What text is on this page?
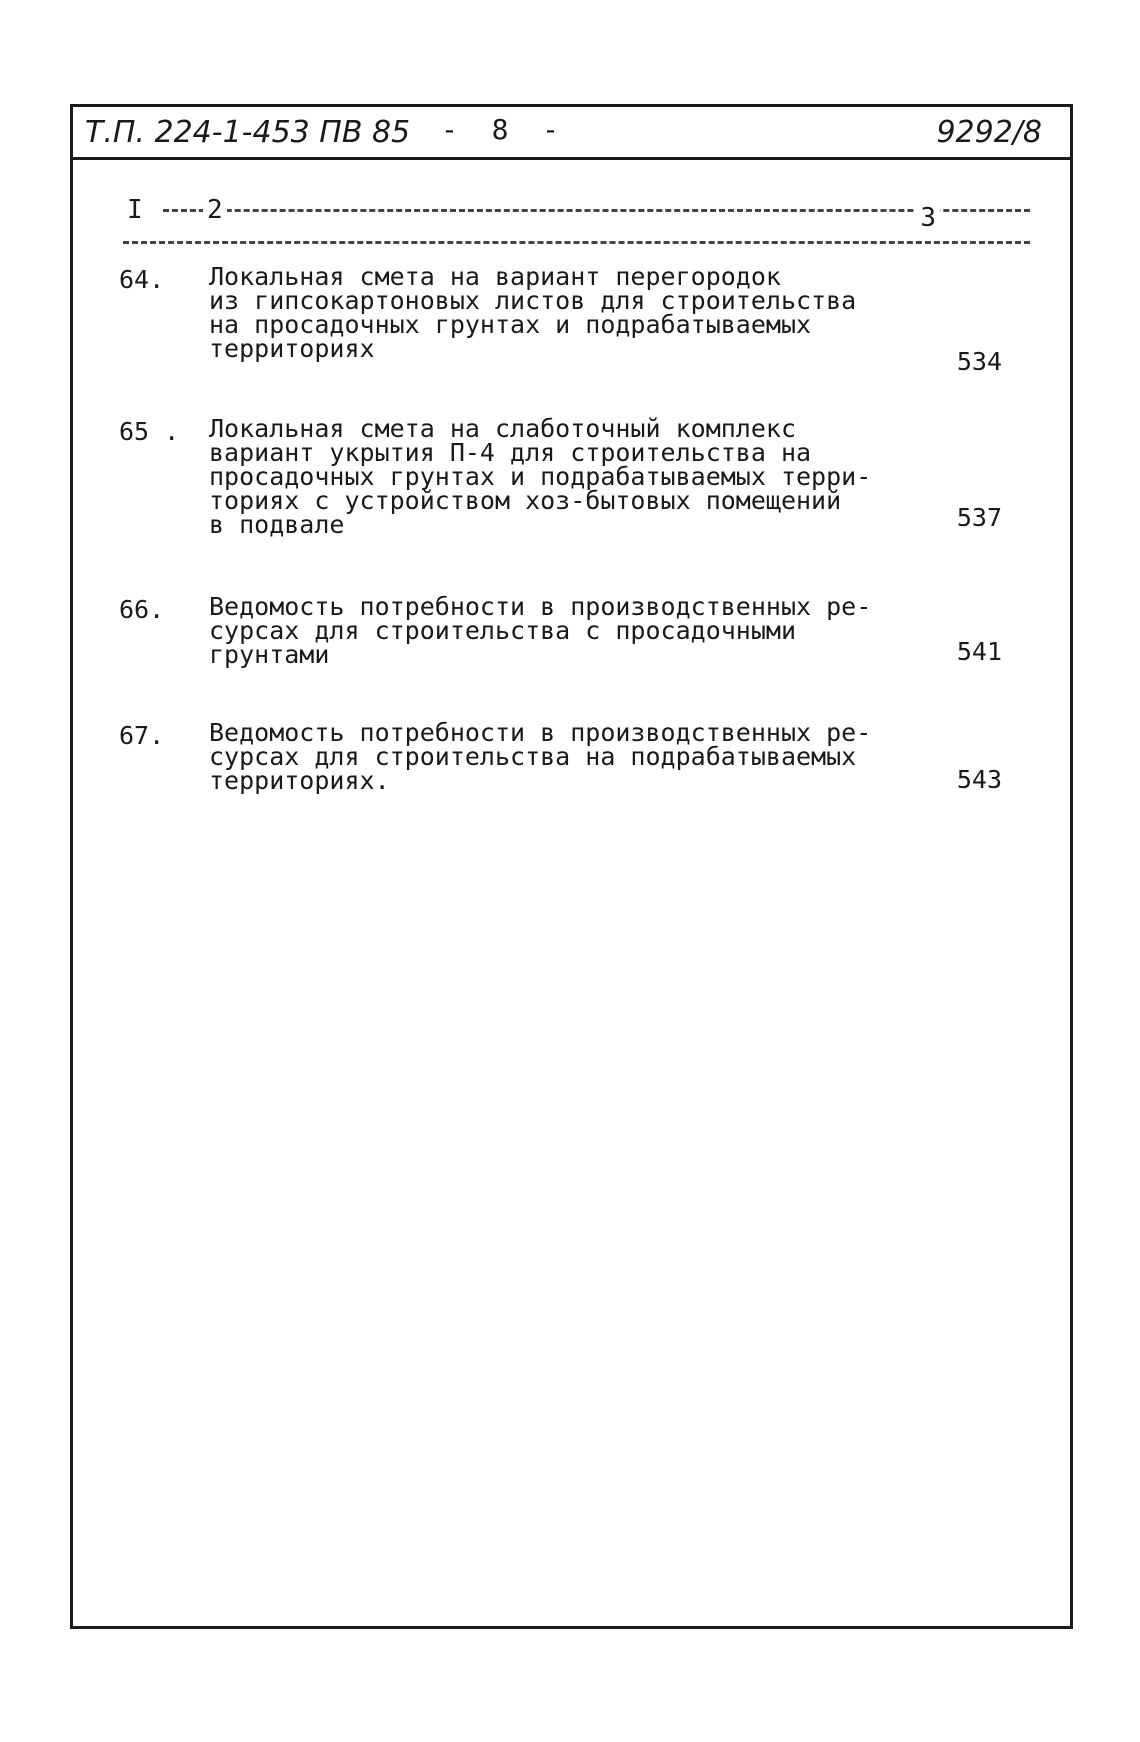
Т.П. 224-1-453 ПВ 85 -  8  -	9292/8
I 2	3
64. Локальная смета на вариант перегородок
из гипсокартоновых листов для строительства
на просадочных грунтах и подрабатываемых
территориях	534
65 . Локальная смета на слаботочный комплекс
вариант укрытия П-4 для строительства на
просадочных грунтах и подрабатываемых терри-
ториях с устройством хоз-бытовых помещений
в подвале	537
66. Ведомость потребности в производственных ре-
сурсах для строительства с просадочными
грунтами	541
67. Ведомость потребности в производственных ре-
сурсах для строительства на подрабатываемых
территориях.	543
